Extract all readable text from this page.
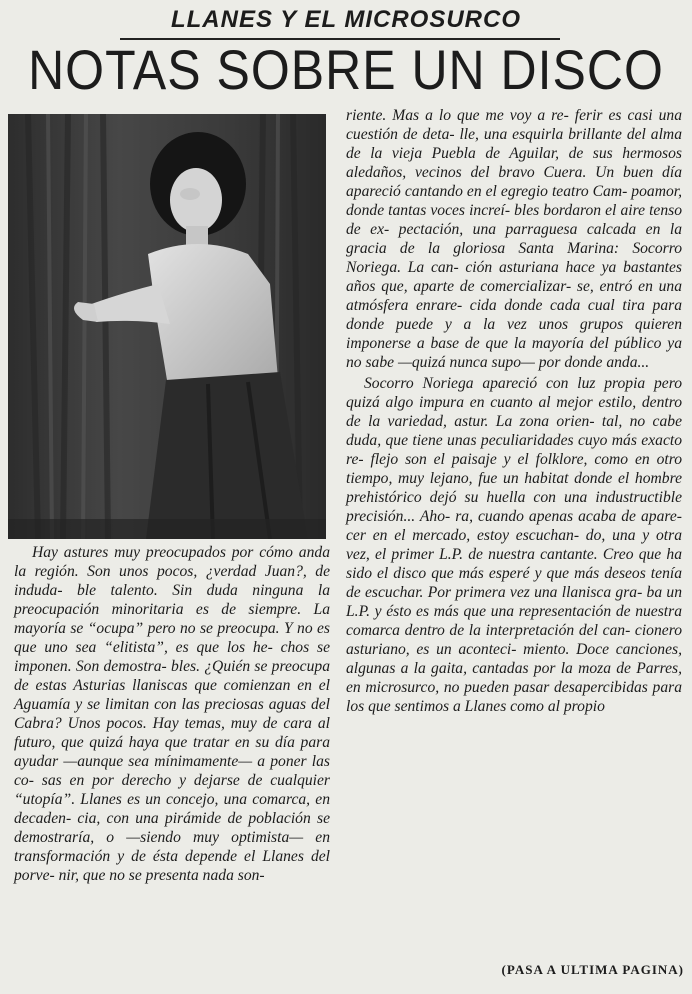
LLANES Y EL MICROSURCO
NOTAS SOBRE UN DISCO

Hay astures muy preocupados por cómo anda la región. Son unos pocos, ¿verdad Juan?, de induda- ble talento. Sin duda ninguna la preocupación minoritaria es de siempre. La mayoría se “ocupa” pero no se preocupa. Y no es que uno sea “elitista”, es que los he- chos se imponen. Son demostra- bles. ¿Quién se preocupa de estas Asturias llaniscas que comienzan en el Aguamía y se limitan con las preciosas aguas del Cabra? Unos pocos. Hay temas, muy de cara al futuro, que quizá haya que tratar en su día para ayudar —aunque sea mínimamente— a poner las co- sas en por derecho y dejarse de cualquier “utopía”. Llanes es un concejo, una comarca, en decaden- cia, con una pirámide de población se demostraría, o —siendo muy optimista— en transformación y de ésta depende el Llanes del porve- nir, que no se presenta nada son-

riente. Mas a lo que me voy a re- ferir es casi una cuestión de deta- lle, una esquirla brillante del alma de la vieja Puebla de Aguilar, de sus hermosos aledaños, vecinos del bravo Cuera. Un buen día apareció cantando en el egregio teatro Cam- poamor, donde tantas voces increí- bles bordaron el aire tenso de ex- pectación, una parraguesa calcada en la gracia de la gloriosa Santa Marina: Socorro Noriega. La can- ción asturiana hace ya bastantes años que, aparte de comercializar- se, entró en una atmósfera enrare- cida donde cada cual tira para donde puede y a la vez unos grupos quieren imponerse a base de que la mayoría del público ya no sabe —quizá nunca supo— por donde anda...

Socorro Noriega apareció con luz propia pero quizá algo impura en cuanto al mejor estilo, dentro de la variedad, astur. La zona orien- tal, no cabe duda, que tiene unas peculiaridades cuyo más exacto re- flejo son el paisaje y el folklore, como en otro tiempo, muy lejano, fue un habitat donde el hombre prehistórico dejó su huella con una industructible precisión... Aho- ra, cuando apenas acaba de apare- cer en el mercado, estoy escuchan- do, una y otra vez, el primer L.P. de nuestra cantante. Creo que ha sido el disco que más esperé y que más deseos tenía de escuchar. Por primera vez una llanisca gra- ba un L.P. y ésto es más que una representación de nuestra comarca dentro de la interpretación del can- cionero asturiano, es un aconteci- miento. Doce canciones, algunas a la gaita, cantadas por la moza de Parres, en microsurco, no pueden pasar desapercibidas para los que sentimos a Llanes como al propio

(PASA A ULTIMA PAGINA)
